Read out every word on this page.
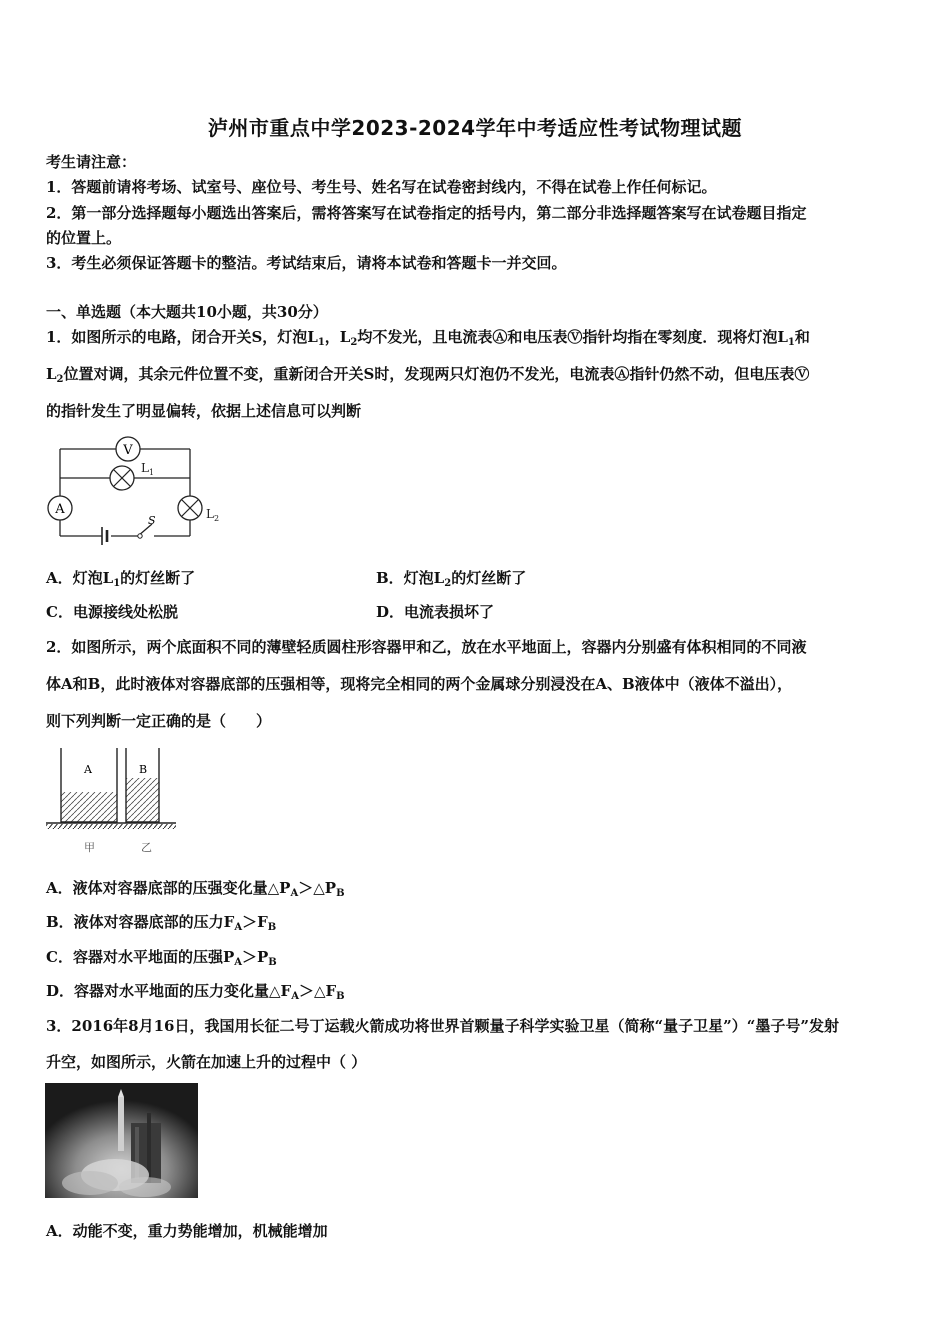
泸州市重点中学2023-2024学年中考适应性考试物理试题
考生请注意：
1．答题前请将考场、试室号、座位号、考生号、姓名写在试卷密封线内，不得在试卷上作任何标记。
2．第一部分选择题每小题选出答案后，需将答案写在试卷指定的括号内，第二部分非选择题答案写在试卷题目指定
的位置上。
3．考生必须保证答题卡的整洁。考试结束后，请将本试卷和答题卡一并交回。
一、单选题（本大题共10小题，共30分）
1．如图所示的电路，闭合开关S，灯泡$L_1$，$L_2$均不发光，且电流表Ⓐ和电压表Ⓥ指针均指在零刻度．现将灯泡$L_1$和
$L_2$位置对调，其余元件位置不变，重新闭合开关S时，发现两只灯泡仍不发光，电流表Ⓐ指针仍然不动，但电压表Ⓥ
的指针发生了明显偏转，依据上述信息可以判断
V
$L_1$
A	$L_2$
S
A．灯泡$L_1$的灯丝断了	B．灯泡$L_2$的灯丝断了
C．电源接线处松脱	D．电流表损坏了
2．如图所示，两个底面积不同的薄壁轻质圆柱形容器甲和乙，放在水平地面上，容器内分别盛有体积相同的不同液
体A和B，此时液体对容器底部的压强相等，现将完全相同的两个金属球分别浸没在A、B液体中（液体不溢出），
则下列判断一定正确的是（　　）
A	B
甲	乙
A．液体对容器底部的压强变化量$\triangle P_A>\triangle P_B$
B．液体对容器底部的压力$F_A>F_B$
C．容器对水平地面的压强$P_A>P_B$
D．容器对水平地面的压力变化量$\triangle F_A>\triangle F_B$
3．2016年8月16日，我国用长征二号丁运载火箭成功将世界首颗量子科学实验卫星（简称“量子卫星”）“墨子号”发射
升空，如图所示，火箭在加速上升的过程中（ ）
A．动能不变，重力势能增加，机械能增加
